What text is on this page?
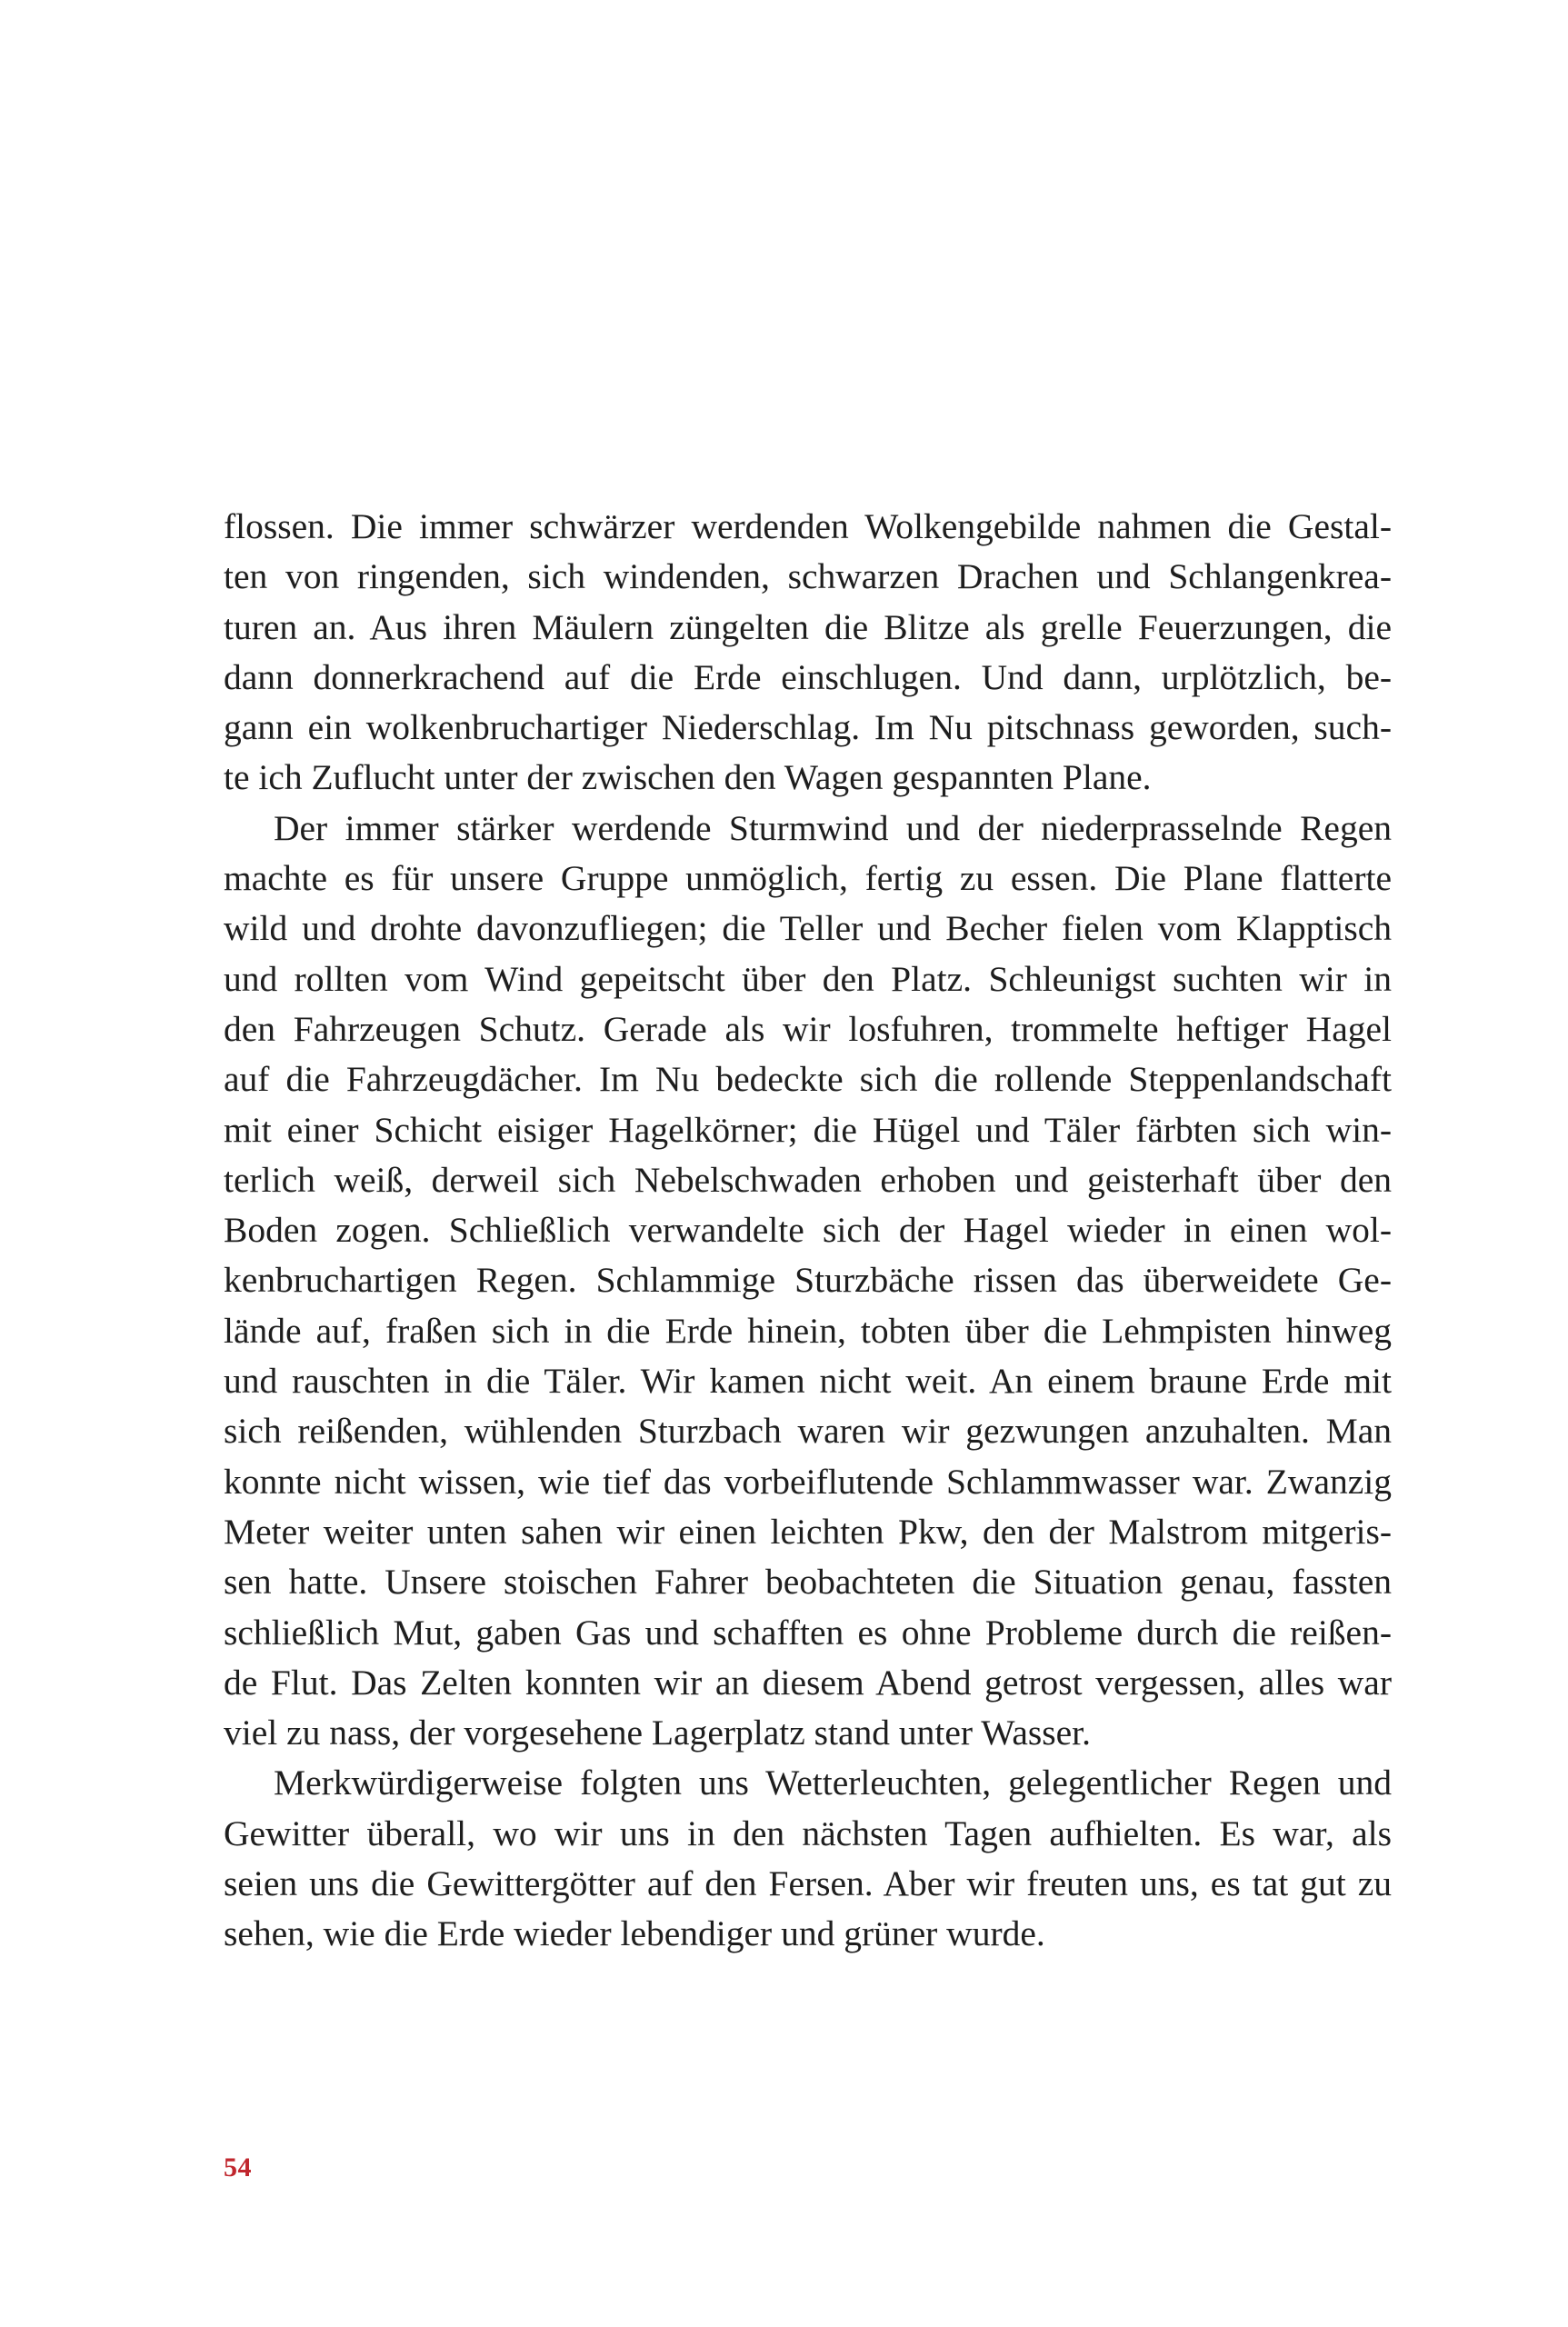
flossen. Die immer schwärzer werdenden Wolkengebilde nahmen die Gestal-
ten von ringenden, sich windenden, schwarzen Drachen und Schlangenkrea-
turen an. Aus ihren Mäulern züngelten die Blitze als grelle Feuerzungen, die
dann donnerkrachend auf die Erde einschlugen. Und dann, urplötzlich, be-
gann ein wolkenbruchartiger Niederschlag. Im Nu pitschnass geworden, such-
te ich Zuflucht unter der zwischen den Wagen gespannten Plane.

Der immer stärker werdende Sturmwind und der niederprasselnde Regen
machte es für unsere Gruppe unmöglich, fertig zu essen. Die Plane flatterte
wild und drohte davonzufliegen; die Teller und Becher fielen vom Klapptisch
und rollten vom Wind gepeitscht über den Platz. Schleunigst suchten wir in
den Fahrzeugen Schutz. Gerade als wir losfuhren, trommelte heftiger Hagel
auf die Fahrzeugdächer. Im Nu bedeckte sich die rollende Steppenlandschaft
mit einer Schicht eisiger Hagelkörner; die Hügel und Täler färbten sich win-
terlich weiß, derweil sich Nebelschwaden erhoben und geisterhaft über den
Boden zogen. Schließlich verwandelte sich der Hagel wieder in einen wol-
kenbruchartigen Regen. Schlammige Sturzbäche rissen das überweidete Ge-
lände auf, fraßen sich in die Erde hinein, tobten über die Lehmpisten hinweg
und rauschten in die Täler. Wir kamen nicht weit. An einem braune Erde mit
sich reißenden, wühlenden Sturzbach waren wir gezwungen anzuhalten. Man
konnte nicht wissen, wie tief das vorbeiflutende Schlammwasser war. Zwanzig
Meter weiter unten sahen wir einen leichten Pkw, den der Malstrom mitgeris-
sen hatte. Unsere stoischen Fahrer beobachteten die Situation genau, fassten
schließlich Mut, gaben Gas und schafften es ohne Probleme durch die reißen-
de Flut. Das Zelten konnten wir an diesem Abend getrost vergessen, alles war
viel zu nass, der vorgesehene Lagerplatz stand unter Wasser.

Merkwürdigerweise folgten uns Wetterleuchten, gelegentlicher Regen und
Gewitter überall, wo wir uns in den nächsten Tagen aufhielten. Es war, als
seien uns die Gewittergötter auf den Fersen. Aber wir freuten uns, es tat gut zu
sehen, wie die Erde wieder lebendiger und grüner wurde.

54
